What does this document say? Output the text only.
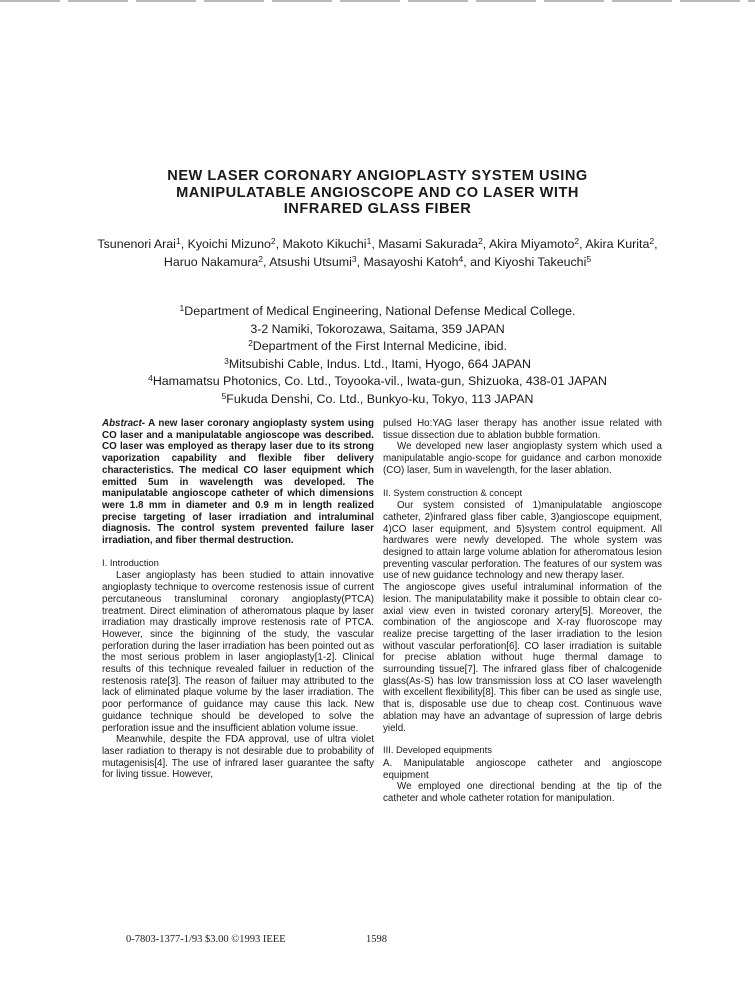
NEW LASER CORONARY ANGIOPLASTY SYSTEM USING
MANIPULATABLE ANGIOSCOPE AND CO LASER WITH
INFRARED GLASS FIBER
Tsunenori Arai$^1$, Kyoichi Mizuno$^2$, Makoto Kikuchi$^1$, Masami Sakurada$^2$, Akira Miyamoto$^2$, Akira Kurita$^2$, Haruo Nakamura$^2$, Atsushi Utsumi$^3$, Masayoshi Katoh$^4$, and Kiyoshi Takeuchi$^5$
$^1$Department of Medical Engineering, National Defense Medical College.
3-2 Namiki, Tokorozawa, Saitama, 359 JAPAN
$^2$Department of the First Internal Medicine, ibid.
$^3$Mitsubishi Cable, Indus. Ltd., Itami, Hyogo, 664 JAPAN
$^4$Hamamatsu Photonics, Co. Ltd., Toyooka-vil., Iwata-gun, Shizuoka, 438-01 JAPAN
$^5$Fukuda Denshi, Co. Ltd., Bunkyo-ku, Tokyo, 113 JAPAN

Abstract- A new laser coronary angioplasty system using CO laser and a manipulatable angioscope was described. CO laser was employed as therapy laser due to its strong vaporization capability and flexible fiber delivery characteristics. The medical CO laser equipment which emitted 5um in wavelength was developed. The manipulatable angioscope catheter of which dimensions were 1.8 mm in diameter and 0.9 m in length realized precise targeting of laser irradiation and intraluminal diagnosis. The control system prevented failure laser irradiation, and fiber thermal destruction.

I. Introduction

Laser angioplasty has been studied to attain innovative angioplasty technique to overcome restenosis issue of current percutaneous transluminal coronary angioplasty(PTCA) treatment. Direct elimination of atheromatous plaque by laser irradiation may drastically improve restenosis rate of PTCA. However, since the biginning of the study, the vascular perforation during the laser irradiation has been pointed out as the most serious problem in laser angioplasty[1-2]. Clinical results of this technique revealed failuer in reduction of the restenosis rate[3]. The reason of failuer may attributed to the lack of eliminated plaque volume by the laser irradiation. The poor performance of guidance may cause this lack. New guidance technique should be developed to solve the perforation issue and the insufficient ablation volume issue.

Meanwhile, despite the FDA approval, use of ultra violet laser radiation to therapy is not desirable due to probability of mutagenisis[4]. The use of infrared laser guarantee the safty for living tissue. However,

pulsed Ho:YAG laser therapy has another issue related with tissue dissection due to ablation bubble formation.

We developed new laser angioplasty system which used a manipulatable angio-scope for guidance and carbon monoxide (CO) laser, 5um in wavelength, for the laser ablation.

II. System construction & concept

Our system consisted of 1)manipulatable angioscope catheter, 2)infrared glass fiber cable, 3)angioscope equipment, 4)CO laser equipment, and 5)system control equipment. All hardwares were newly developed. The whole system was designed to attain large volume ablation for atheromatous lesion preventing vascular perforation. The features of our system was use of new guidance technology and new therapy laser.

The angioscope gives useful intraluminal information of the lesion. The manipulatability make it possible to obtain clear co-axial view even in twisted coronary artery[5]. Moreover, the combination of the angioscope and X-ray fluoroscope may realize precise targetting of the laser irradiation to the lesion without vascular perforation[6]. CO laser irradiation is suitable for precise ablation without huge thermal damage to surrounding tissue[7]. The infrared glass fiber of chalcogenide glass(As-S) has low transmission loss at CO laser wavelength with excellent flexibility[8]. This fiber can be used as single use, that is, disposable use due to cheap cost. Continuous wave ablation may have an advantage of supression of large debris yield.

III. Developed equipments

A. Manipulatable angioscope catheter and angioscope equipment

We employed one directional bending at the tip of the catheter and whole catheter rotation for manipulation.

0-7803-1377-1/93 $3.00 ©1993 IEEE	1598
